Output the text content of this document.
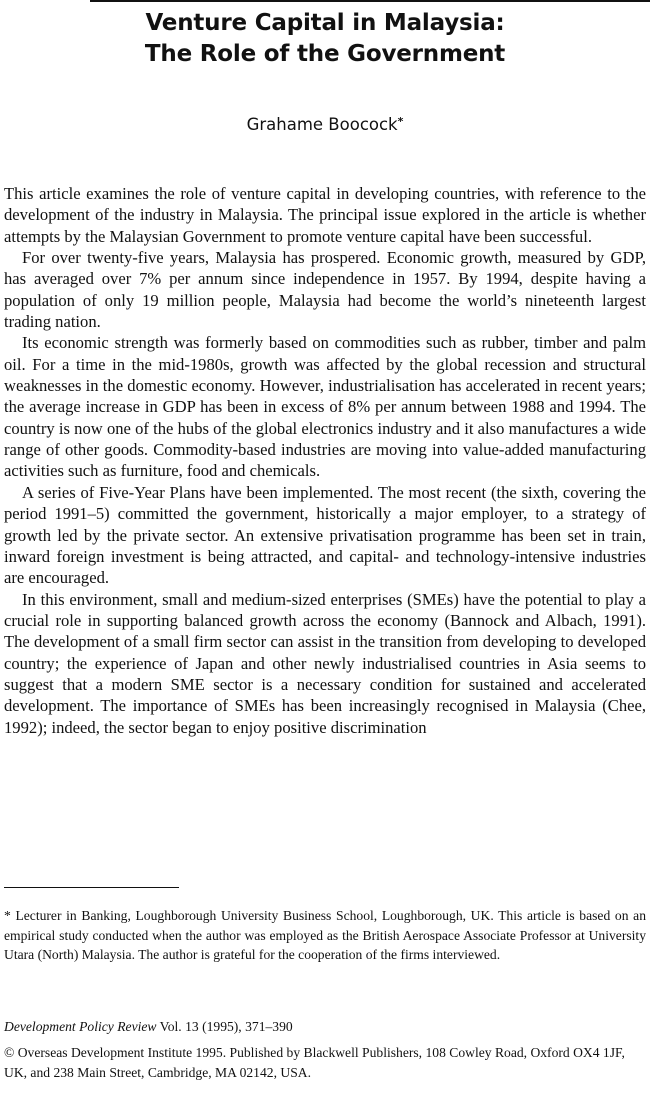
Venture Capital in Malaysia:
The Role of the Government
Grahame Boocock*

This article examines the role of venture capital in developing countries, with reference to the development of the industry in Malaysia. The principal issue explored in the article is whether attempts by the Malaysian Government to promote venture capital have been successful.

For over twenty-five years, Malaysia has prospered. Economic growth, measured by GDP, has averaged over 7% per annum since independence in 1957. By 1994, despite having a population of only 19 million people, Malaysia had become the world’s nineteenth largest trading nation.

Its economic strength was formerly based on commodities such as rubber, timber and palm oil. For a time in the mid-1980s, growth was affected by the global recession and structural weaknesses in the domestic economy. However, industrialisation has accelerated in recent years; the average increase in GDP has been in excess of 8% per annum between 1988 and 1994. The country is now one of the hubs of the global electronics industry and it also manufactures a wide range of other goods. Commodity-based industries are moving into value-added manufacturing activities such as furniture, food and chemicals.

A series of Five-Year Plans have been implemented. The most recent (the sixth, covering the period 1991–5) committed the government, historically a major employer, to a strategy of growth led by the private sector. An extensive privatisation programme has been set in train, inward foreign investment is being attracted, and capital- and technology-intensive industries are encouraged.

In this environment, small and medium-sized enterprises (SMEs) have the potential to play a crucial role in supporting balanced growth across the economy (Bannock and Albach, 1991). The development of a small firm sector can assist in the transition from developing to developed country; the experience of Japan and other newly industrialised countries in Asia seems to suggest that a modern SME sector is a necessary condition for sustained and accelerated development. The importance of SMEs has been increasingly recognised in Malaysia (Chee, 1992); indeed, the sector began to enjoy positive discrimination

* Lecturer in Banking, Loughborough University Business School, Loughborough, UK. This article is based on an empirical study conducted when the author was employed as the British Aerospace Associate Professor at University Utara (North) Malaysia. The author is grateful for the cooperation of the firms interviewed.

Development Policy Review Vol. 13 (1995), 371–390

© Overseas Development Institute 1995. Published by Blackwell Publishers, 108 Cowley Road, Oxford OX4 1JF, UK, and 238 Main Street, Cambridge, MA 02142, USA.
